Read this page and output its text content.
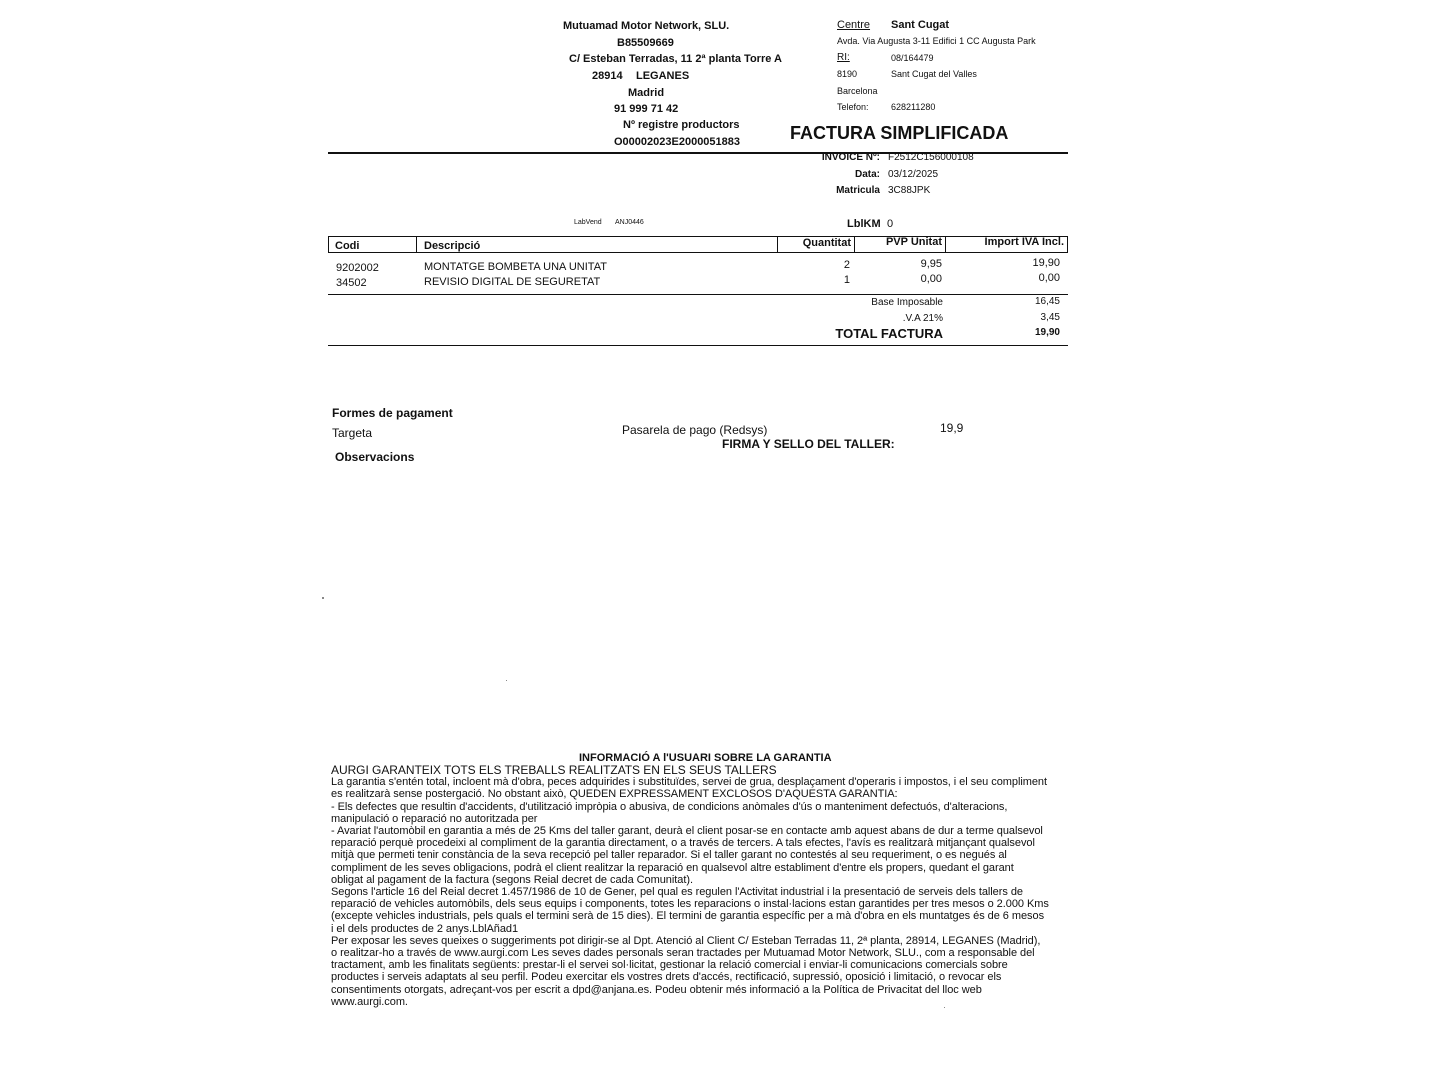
Mutuamad Motor Network, SLU.
B85509669
C/ Esteban Terradas, 11 2ª planta Torre A
28914 LEGANES
Madrid
91 999 71 42
Nº registre productors
O00002023E2000051883
Centre Sant Cugat
Avda. Via Augusta 3-11 Edifici 1 CC Augusta Park
RI:	08/164479
8190	Sant Cugat del Valles
Barcelona
Telefon: 628211280
FACTURA SIMPLIFICADA
INVOICE Nº: F2512C156000108
Data: 03/12/2025
Matricula 3C88JPK
LabVend ANJ0446	LblKM 0
Codi	Descripció	Quantitat	PVP Unitat	Import IVA Incl.
9202002	MONTATGE BOMBETA UNA UNITAT	2	9,95	19,90
34502	REVISIO DIGITAL DE SEGURETAT	1	0,00	0,00
Base Imposable	16,45
.V.A 21%	3,45
TOTAL FACTURA	19,90
Formes de pagament
Targeta	Pasarela de pago (Redsys)	19,9
FIRMA Y SELLO DEL TALLER:
Observacions
INFORMACIÓ A l'USUARI SOBRE LA GARANTIA
AURGI GARANTEIX TOTS ELS TREBALLS REALITZATS EN ELS SEUS TALLERS
La garantia s'entén total, incloent mà d'obra, peces adquirides i substituïdes, servei de grua, desplaçament d'operaris i impostos, i el seu compliment
es realitzarà sense postergació. No obstant això, QUEDEN EXPRESSAMENT EXCLOSOS D'AQUESTA GARANTIA:
- Els defectes que resultin d'accidents, d'utilització impròpia o abusiva, de condicions anòmales d'ús o manteniment defectuós, d'alteracions,
manipulació o reparació no autoritzada per
- Avariat l'automòbil en garantia a més de 25 Kms del taller garant, deurà el client posar-se en contacte amb aquest abans de dur a terme qualsevol
reparació perquè procedeixi al compliment de la garantia directament, o a través de tercers. A tals efectes, l'avís es realitzarà mitjançant qualsevol
mitjà que permeti tenir constància de la seva recepció pel taller reparador. Si el taller garant no contestés al seu requeriment, o es negués al
compliment de les seves obligacions, podrà el client realitzar la reparació en qualsevol altre establiment d'entre els propers, quedant el garant
obligat al pagament de la factura (segons Reial decret de cada Comunitat).
Segons l'article 16 del Reial decret 1.457/1986 de 10 de Gener, pel qual es regulen l'Activitat industrial i la presentació de serveis dels tallers de
reparació de vehicles automòbils, dels seus equips i components, totes les reparacions o instal·lacions estan garantides per tres mesos o 2.000 Kms
(excepte vehicles industrials, pels quals el termini serà de 15 dies). El termini de garantia específic per a mà d'obra en els muntatges és de 6 mesos
i el dels productes de 2 anys.LblAñad1
Per exposar les seves queixes o suggeriments pot dirigir-se al Dpt. Atenció al Client C/ Esteban Terradas 11, 2ª planta, 28914, LEGANES (Madrid),
o realitzar-ho a través de www.aurgi.com Les seves dades personals seran tractades per Mutuamad Motor Network, SLU., com a responsable del
tractament, amb les finalitats següents: prestar-li el servei sol·licitat, gestionar la relació comercial i enviar-li comunicacions comercials sobre
productes i serveis adaptats al seu perfil. Podeu exercitar els vostres drets d'accés, rectificació, supressió, oposició i limitació, o revocar els
consentiments otorgats, adreçant-vos per escrit a dpd@anjana.es. Podeu obtenir més informació a la Política de Privacitat del lloc web
www.aurgi.com.
